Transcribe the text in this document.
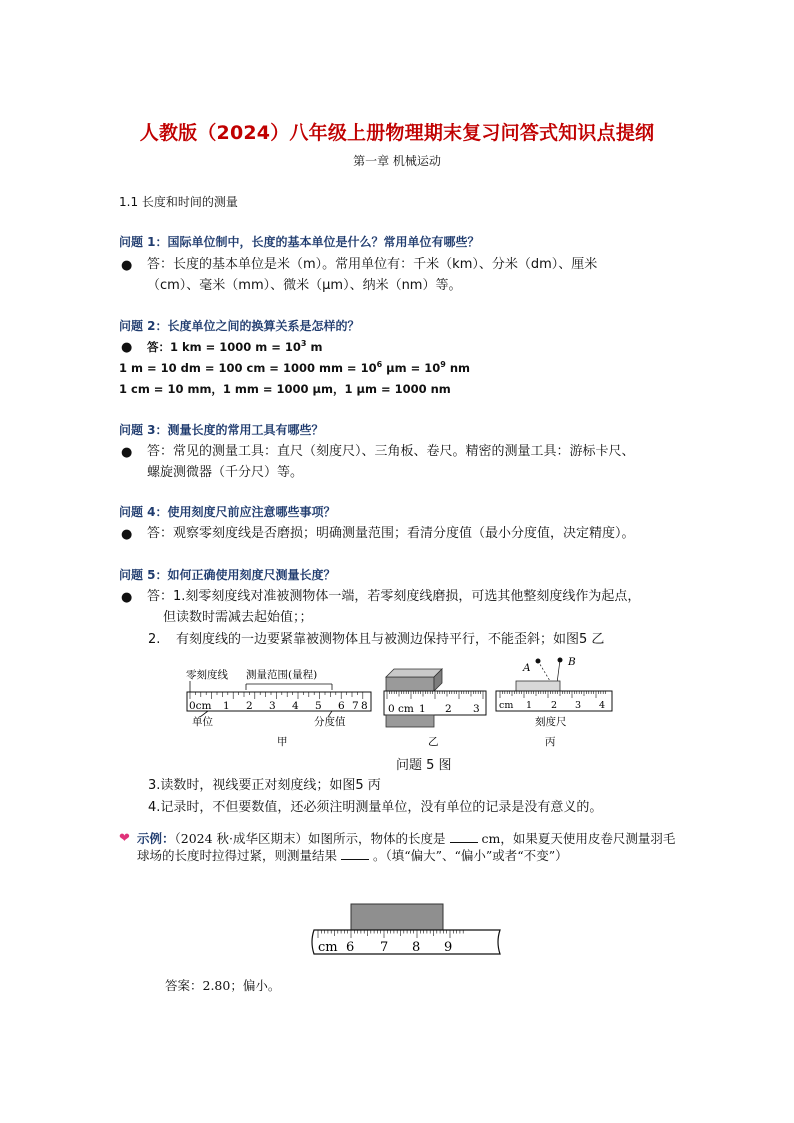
人教版（2024）八年级上册物理期末复习问答式知识点提纲
第一章 机械运动
1.1 长度和时间的测量
问题 1：国际单位制中，长度的基本单位是什么？常用单位有哪些？
● 答：长度的基本单位是米（m）。常用单位有：千米（km）、分米（dm）、厘米
（cm）、毫米（mm）、微米（μm）、纳米（nm）等。
问题 2：长度单位之间的换算关系是怎样的？
● 答：1 km = 1000 $m = 10^3$ m
1 m = 10 dm = 100 cm = 1000 mm = $10^6$ $\mu m = 10^9$ nm
1 cm = 10 mm，1 mm = 1000 μm，1 μm = 1000 nm
问题 3：测量长度的常用工具有哪些？
● 答：常见的测量工具：直尺（刻度尺）、三角板、卷尺。精密的测量工具：游标卡尺、
螺旋测微器（千分尺）等。
问题 4：使用刻度尺前应注意哪些事项？
● 答：观察零刻度线是否磨损；明确测量范围；看清分度值（最小分度值，决定精度）。
问题 5：如何正确使用刻度尺测量长度？
● 答：1.刻零刻度线对准被测物体一端，若零刻度线磨损，可选其他整刻度线作为起点，
但读数时需减去起始值；；
2. 有刻度线的一边要紧靠被测物体且与被测边保持平行，不能歪斜；如图5 乙
零刻度线 测量范围(量程)
0cm 1 2 3 4 5 6 7 8
单位	分度值
甲
0 cm 1 2 3
乙
A	B
cm 1 2 3 4
刻度尺
丙
问题 5 图
3.读数时，视线要正对刻度线；如图5 丙
4.记录时，不但要数值，还必须注明测量单位，没有单位的记录是没有意义的。
❤ 示例：（2024 秋·成华区期末）如图所示，物体的长度是	cm，如果夏天使用皮卷尺测量羽毛球场的长度时拉得过紧，则测量结果	。（填“偏大”、“偏小”或者“不变”）
cm 6 7 8 9
答案：2.80；偏小。
